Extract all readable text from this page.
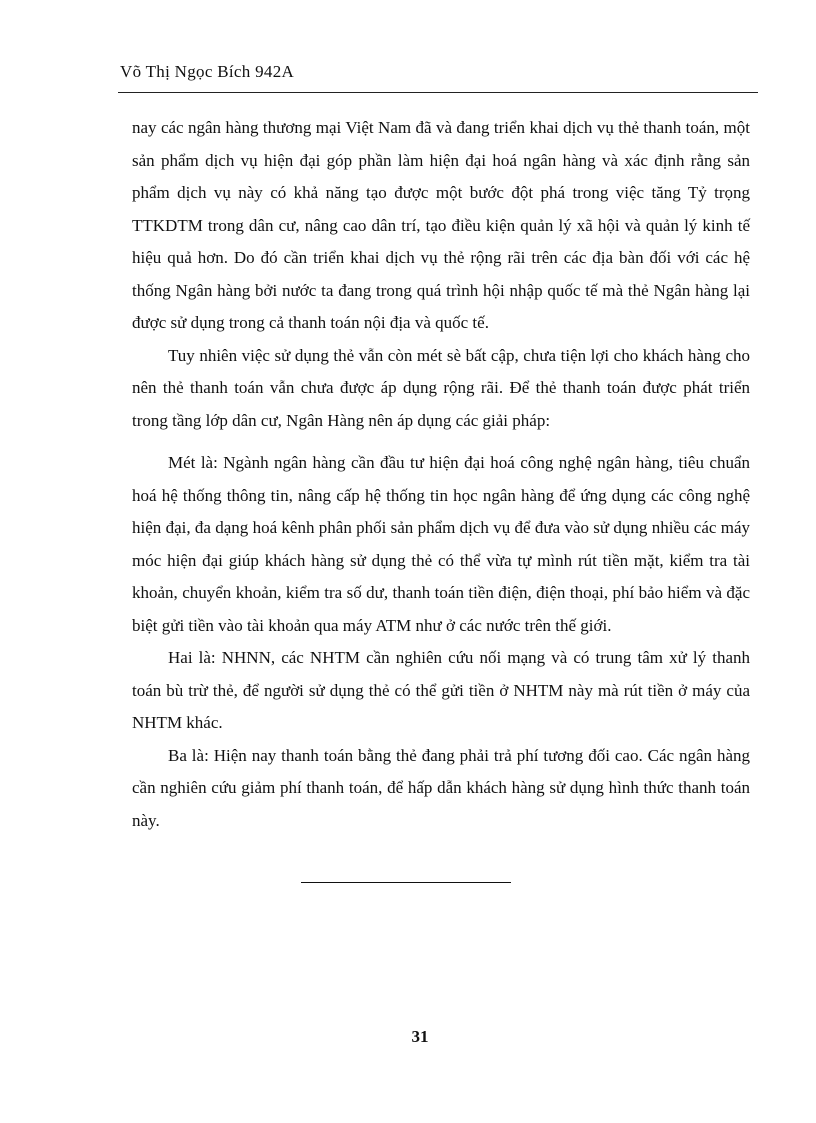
Võ Thị Ngọc Bích 942A

nay các ngân hàng thương mại Việt Nam đã và đang triển khai dịch vụ thẻ thanh toán, một sản phẩm dịch vụ hiện đại góp phần làm hiện đại hoá ngân hàng và xác định rằng sản phẩm dịch vụ này có khả năng tạo được một bước đột phá trong việc tăng Tỷ trọng TTKDTM trong dân cư, nâng cao dân trí, tạo điều kiện quản lý xã hội và quản lý kinh tế hiệu quả hơn. Do đó cần triển khai dịch vụ thẻ rộng rãi trên các địa bàn đối với các hệ thống Ngân hàng bởi nước ta đang trong quá trình hội nhập quốc tế mà thẻ Ngân hàng lại được sử dụng trong cả thanh toán nội địa và quốc tế.

Tuy nhiên việc sử dụng thẻ vẫn còn mét sè bất cập, chưa tiện lợi cho khách hàng cho nên thẻ thanh toán vẫn chưa được áp dụng rộng rãi. Để thẻ thanh toán được phát triển trong tầng lớp dân cư, Ngân Hàng nên áp dụng các giải pháp:

Mét là: Ngành ngân hàng cần đầu tư hiện đại hoá công nghệ ngân hàng, tiêu chuẩn hoá hệ thống thông tin, nâng cấp hệ thống tin học ngân hàng để ứng dụng các công nghệ hiện đại, đa dạng hoá kênh phân phối sản phẩm dịch vụ để đưa vào sử dụng nhiều các máy móc hiện đại giúp khách hàng sử dụng thẻ có thể vừa tự mình rút tiền mặt, kiểm tra tài khoản, chuyển khoản, kiểm tra số dư, thanh toán tiền điện, điện thoại, phí bảo hiểm và đặc biệt gửi tiền vào tài khoản qua máy ATM như ở các nước trên thế giới.

Hai là: NHNN, các NHTM cần nghiên cứu nối mạng và có trung tâm xử lý thanh toán bù trừ thẻ, để người sử dụng thẻ có thể gửi tiền ở NHTM này mà rút tiền ở máy của NHTM khác.

Ba là: Hiện nay thanh toán bằng thẻ đang phải trả phí tương đối cao. Các ngân hàng cần nghiên cứu giảm phí thanh toán, để hấp dẫn khách hàng sử dụng hình thức thanh toán này.

31
